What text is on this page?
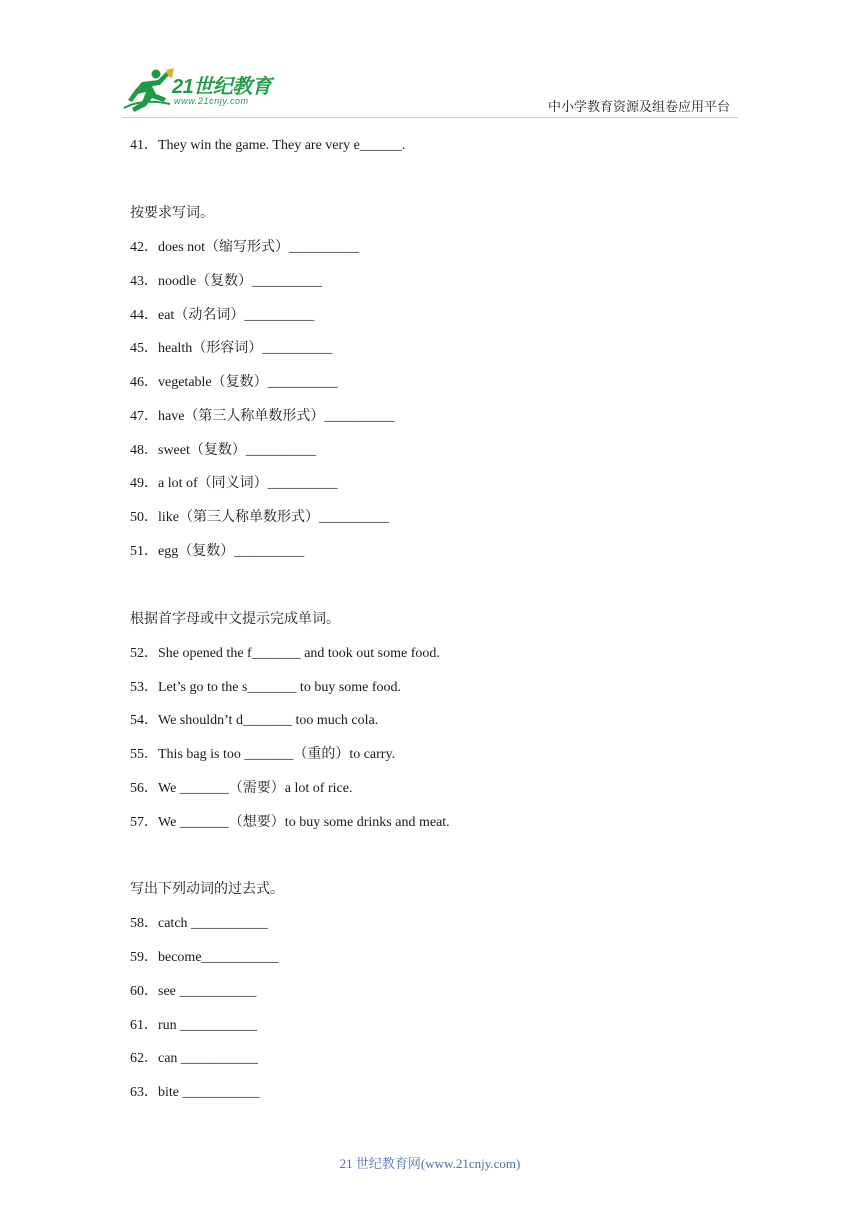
21世纪教育
www.21cnjy.com	中小学教育资源及组卷应用平台
41．They win the game. They are very e______.
按要求写词。
42．does not（缩写形式）__________
43．noodle（复数）__________
44．eat（动名词）__________
45．health（形容词）__________
46．vegetable（复数）__________
47．have（第三人称单数形式）__________
48．sweet（复数）__________
49．a lot of（同义词）__________
50．like（第三人称单数形式）__________
51．egg（复数）__________
根据首字母或中文提示完成单词。
52．She opened the f_______ and took out some food.
53．Let’s go to the s_______ to buy some food.
54．We shouldn’t d_______ too much cola.
55．This bag is too _______（重的）to carry.
56．We _______（需要）a lot of rice.
57．We _______（想要）to buy some drinks and meat.
写出下列动词的过去式。
58．catch ___________
59．become___________
60．see ___________
61．run ___________
62．can ___________
63．bite ___________
21 世纪教育网(www.21cnjy.com)
